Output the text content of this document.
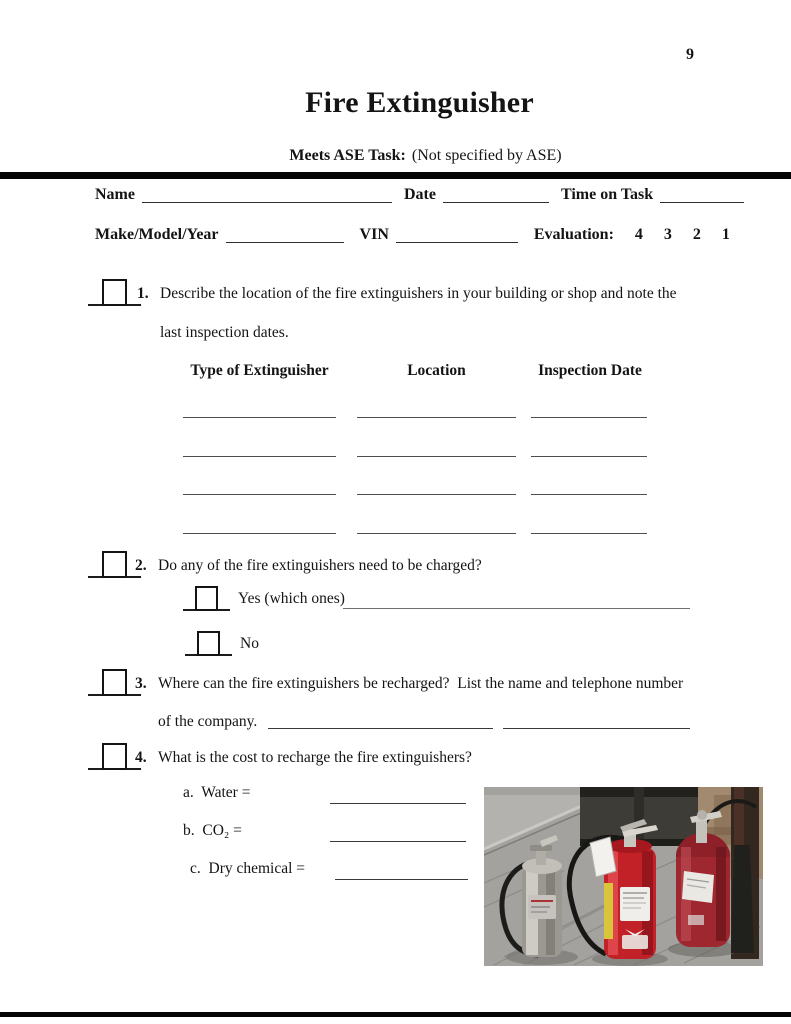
9
Fire Extinguisher
Meets ASE Task: (Not specified by ASE)
Name	Date	Time on Task
Make/Model/Year	VIN	Evaluation: 4 3 2 1
1. Describe the location of the fire extinguishers in your building or shop and note the
last inspection dates.
Type of Extinguisher	Location	Inspection Date
2. Do any of the fire extinguishers need to be charged?
Yes (which ones)
No
3. Where can the fire extinguishers be recharged?  List the name and telephone number
of the company.
4. What is the cost to recharge the fire extinguishers?
a.  Water =
b.  CO₂ =
c.  Dry chemical =
